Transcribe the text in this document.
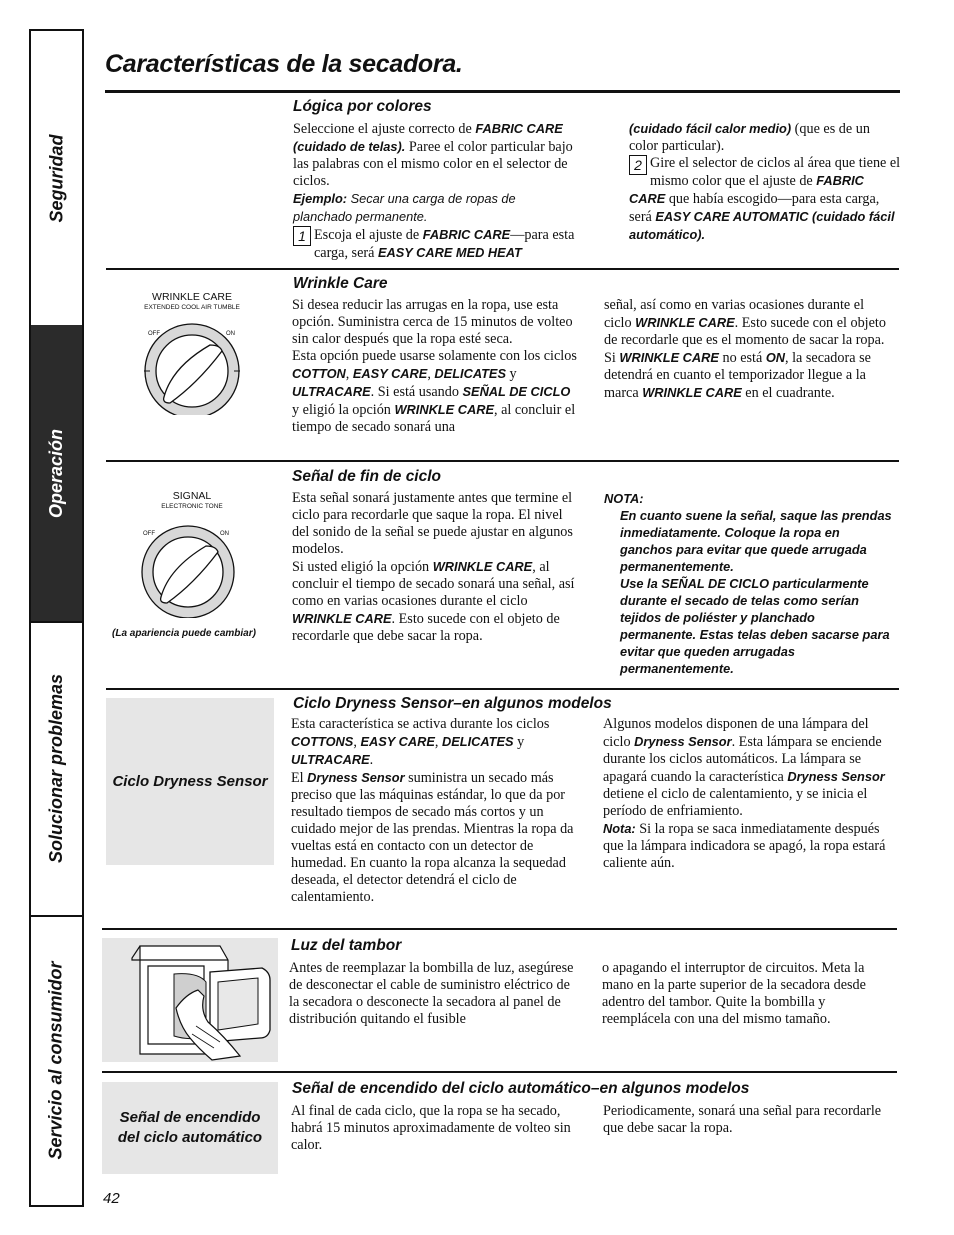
Seguridad
Operación
Solucionar problemas
Servicio al consumidor
Características de la secadora.
Lógica por colores

Seleccione el ajuste correcto de FABRIC CARE (cuidado de telas). Paree el color particular bajo las palabras con el mismo color en el selector de ciclos.

Ejemplo: Secar una carga de ropas de planchado permanente.

1 Escoja el ajuste de FABRIC CARE—para esta carga, será EASY CARE MED HEAT

(cuidado fácil calor medio) (que es de un color particular).

2 Gire el selector de ciclos al área que tiene el mismo color que el ajuste de FABRIC CARE que había escogido—para esta carga, será EASY CARE AUTOMATIC (cuidado fácil automático).

WRINKLE CARE
EXTENDED COOL AIR TUMBLE
OFF	ON
Wrinkle Care

Si desea reducir las arrugas en la ropa, use esta opción. Suministra cerca de 15 minutos de volteo sin calor después que la ropa esté seca.

Esta opción puede usarse solamente con los ciclos COTTON, EASY CARE, DELICATES y ULTRACARE. Si está usando SEÑAL DE CICLO y eligió la opción WRINKLE CARE, al concluir el tiempo de secado sonará una

señal, así como en varias ocasiones durante el ciclo WRINKLE CARE. Esto sucede con el objeto de recordarle que es el momento de sacar la ropa.

Si WRINKLE CARE no está ON, la secadora se detendrá en cuanto el temporizador llegue a la marca WRINKLE CARE en el cuadrante.

SIGNAL
ELECTRONIC TONE
OFF	ON
(La apariencia puede cambiar)
Señal de fin de ciclo

Esta señal sonará justamente antes que termine el ciclo para recordarle que saque la ropa. El nivel del sonido de la señal se puede ajustar en algunos modelos.

Si usted eligió la opción WRINKLE CARE, al concluir el tiempo de secado sonará una señal, así como en varias ocasiones durante el ciclo WRINKLE CARE. Esto sucede con el objeto de recordarle que debe sacar la ropa.

NOTA:

En cuanto suene la señal, saque las prendas inmediatamente. Coloque la ropa en ganchos para evitar que quede arrugada permanentemente.

Use la SEÑAL DE CICLO particularmente durante el secado de telas como serían tejidos de poliéster y planchado permanente. Estas telas deben sacarse para evitar que queden arrugadas permanentemente.

Ciclo Dryness Sensor
Ciclo Dryness Sensor–en algunos modelos

Esta característica se activa durante los ciclos COTTONS, EASY CARE, DELICATES y ULTRACARE.

El Dryness Sensor suministra un secado más preciso que las máquinas estándar, lo que da por resultado tiempos de secado más cortos y un cuidado mejor de las prendas. Mientras la ropa da vueltas está en contacto con un detector de humedad. En cuanto la ropa alcanza la sequedad deseada, el detector detendrá el ciclo de calentamiento.

Algunos modelos disponen de una lámpara del ciclo Dryness Sensor. Esta lámpara se enciende durante los ciclos automáticos. La lámpara se apagará cuando la característica Dryness Sensor detiene el ciclo de calentamiento, y se inicia el período de enfriamiento.

Nota: Si la ropa se saca inmediatamente después que la lámpara indicadora se apagó, la ropa estará caliente aún.

Luz del tambor

Antes de reemplazar la bombilla de luz, asegúrese de desconectar el cable de suministro eléctrico de la secadora o desconecte la secadora al panel de distribución quitando el fusible

o apagando el interruptor de circuitos. Meta la mano en la parte superior de la secadora desde adentro del tambor. Quite la bombilla y reemplácela con una del mismo tamaño.

Señal de encendido del ciclo automático
Señal de encendido del ciclo automático–en algunos modelos

Al final de cada ciclo, que la ropa se ha secado, habrá 15 minutos aproximadamente de volteo sin calor.

Periodicamente, sonará una señal para recordarle que debe sacar la ropa.

42
